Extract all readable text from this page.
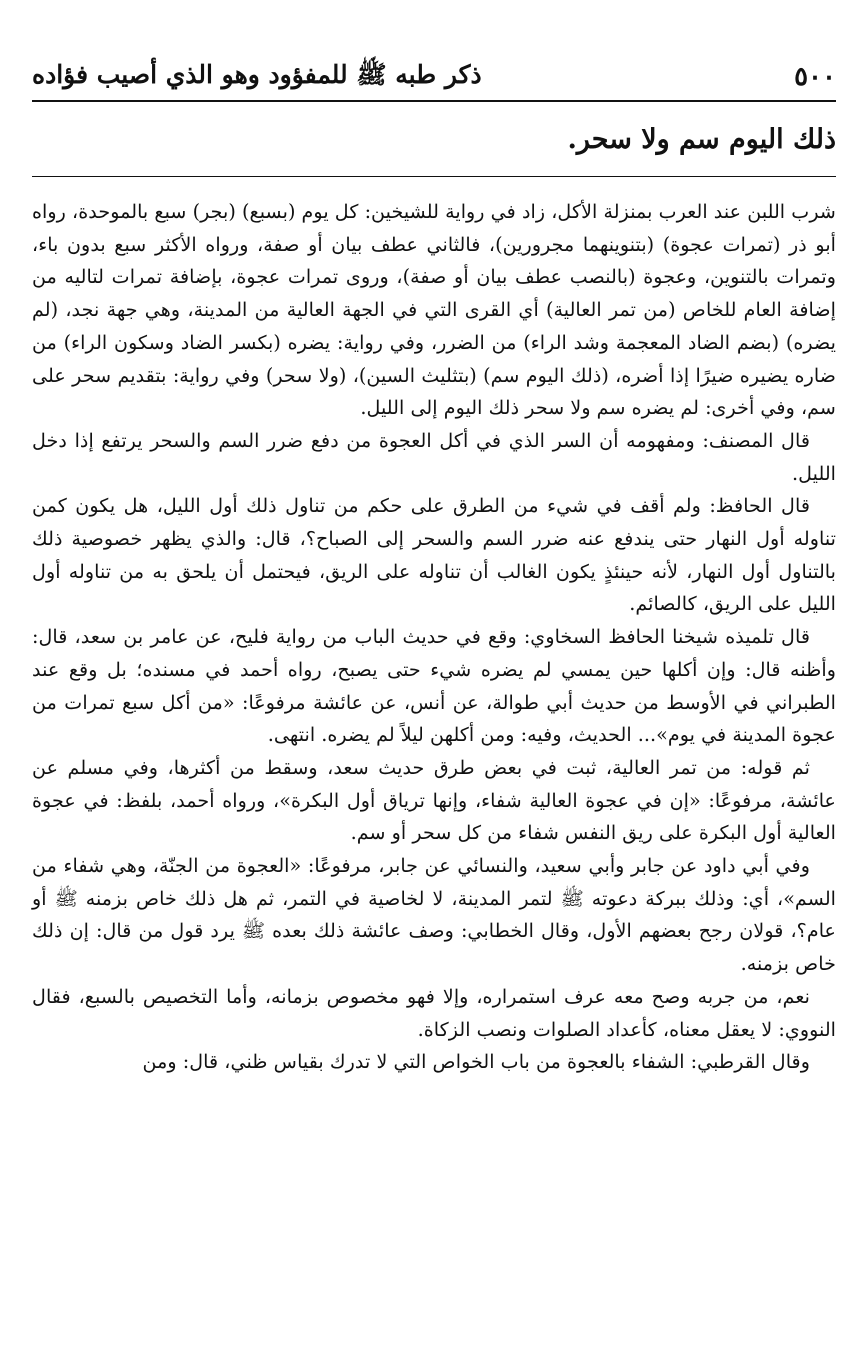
٥٠٠
ذكر طبه ﷺ للمفؤود وهو الذي أصيب فؤاده
ذلك اليوم سم ولا سحر.

شرب اللبن عند العرب بمنزلة الأكل، زاد في رواية للشيخين: كل يوم (بسبع) (بجر) سبع بالموحدة، رواه أبو ذر (تمرات عجوة) (بتنوينهما مجرورين)، فالثاني عطف بيان أو صفة، ورواه الأكثر سبع بدون باء، وتمرات بالتنوين، وعجوة (بالنصب عطف بيان أو صفة)، وروى تمرات عجوة، بإضافة تمرات لتاليه من إضافة العام للخاص (من تمر العالية) أي القرى التي في الجهة العالية من المدينة، وهي جهة نجد، (لم يضره) (بضم الضاد المعجمة وشد الراء) من الضرر، وفي رواية: يضره (بكسر الضاد وسكون الراء) من ضاره يضيره ضيرًا إذا أضره، (ذلك اليوم سم) (بتثليث السين)، (ولا سحر) وفي رواية: بتقديم سحر على سم، وفي أخرى: لم يضره سم ولا سحر ذلك اليوم إلى الليل.

قال المصنف: ومفهومه أن السر الذي في أكل العجوة من دفع ضرر السم والسحر يرتفع إذا دخل الليل.

قال الحافظ: ولم أقف في شيء من الطرق على حكم من تناول ذلك أول الليل، هل يكون كمن تناوله أول النهار حتى يندفع عنه ضرر السم والسحر إلى الصباح؟، قال: والذي يظهر خصوصية ذلك بالتناول أول النهار، لأنه حينئذٍ يكون الغالب أن تناوله على الريق، فيحتمل أن يلحق به من تناوله أول الليل على الريق، كالصائم.

قال تلميذه شيخنا الحافظ السخاوي: وقع في حديث الباب من رواية فليح، عن عامر بن سعد، قال: وأظنه قال: وإن أكلها حين يمسي لم يضره شيء حتى يصبح، رواه أحمد في مسنده؛ بل وقع عند الطبراني في الأوسط من حديث أبي طوالة، عن أنس، عن عائشة مرفوعًا: «من أكل سبع تمرات من عجوة المدينة في يوم»... الحديث، وفيه: ومن أكلهن ليلاً لم يضره. انتهى.

ثم قوله: من تمر العالية، ثبت في بعض طرق حديث سعد، وسقط من أكثرها، وفي مسلم عن عائشة، مرفوعًا: «إن في عجوة العالية شفاء، وإنها ترياق أول البكرة»، ورواه أحمد، بلفظ: في عجوة العالية أول البكرة على ريق النفس شفاء من كل سحر أو سم.

وفي أبي داود عن جابر وأبي سعيد، والنسائي عن جابر، مرفوعًا: «العجوة من الجنّة، وهي شفاء من السم»، أي: وذلك ببركة دعوته ﷺ لتمر المدينة، لا لخاصية في التمر، ثم هل ذلك خاص بزمنه ﷺ أو عام؟، قولان رجح بعضهم الأول، وقال الخطابي: وصف عائشة ذلك بعده ﷺ يرد قول من قال: إن ذلك خاص بزمنه.

نعم، من جربه وصح معه عرف استمراره، وإلا فهو مخصوص بزمانه، وأما التخصيص بالسبع، فقال النووي: لا يعقل معناه، كأعداد الصلوات ونصب الزكاة.

وقال القرطبي: الشفاء بالعجوة من باب الخواص التي لا تدرك بقياس ظني، قال: ومن
